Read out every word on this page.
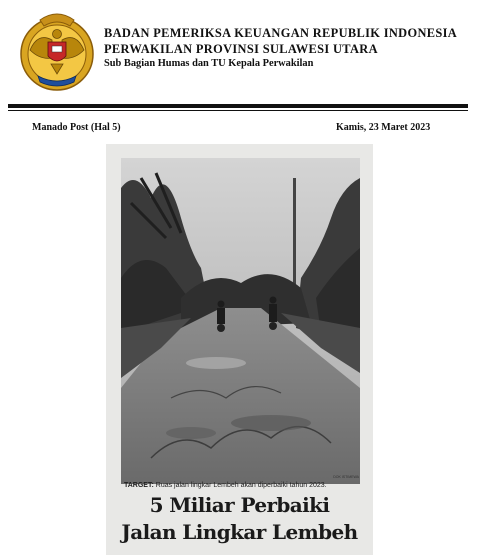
BADAN PEMERIKSA KEUANGAN REPUBLIK INDONESIA
PERWAKILAN PROVINSI SULAWESI UTARA
Sub Bagian Humas dan TU Kepala Perwakilan
Manado Post (Hal 5)	Kamis, 23 Maret 2023
DOK ISTIMEWA
TARGET: Ruas jalan lingkar Lembeh akan diperbaiki tahun 2023.
5 Miliar Perbaiki
Jalan Lingkar Lembeh
